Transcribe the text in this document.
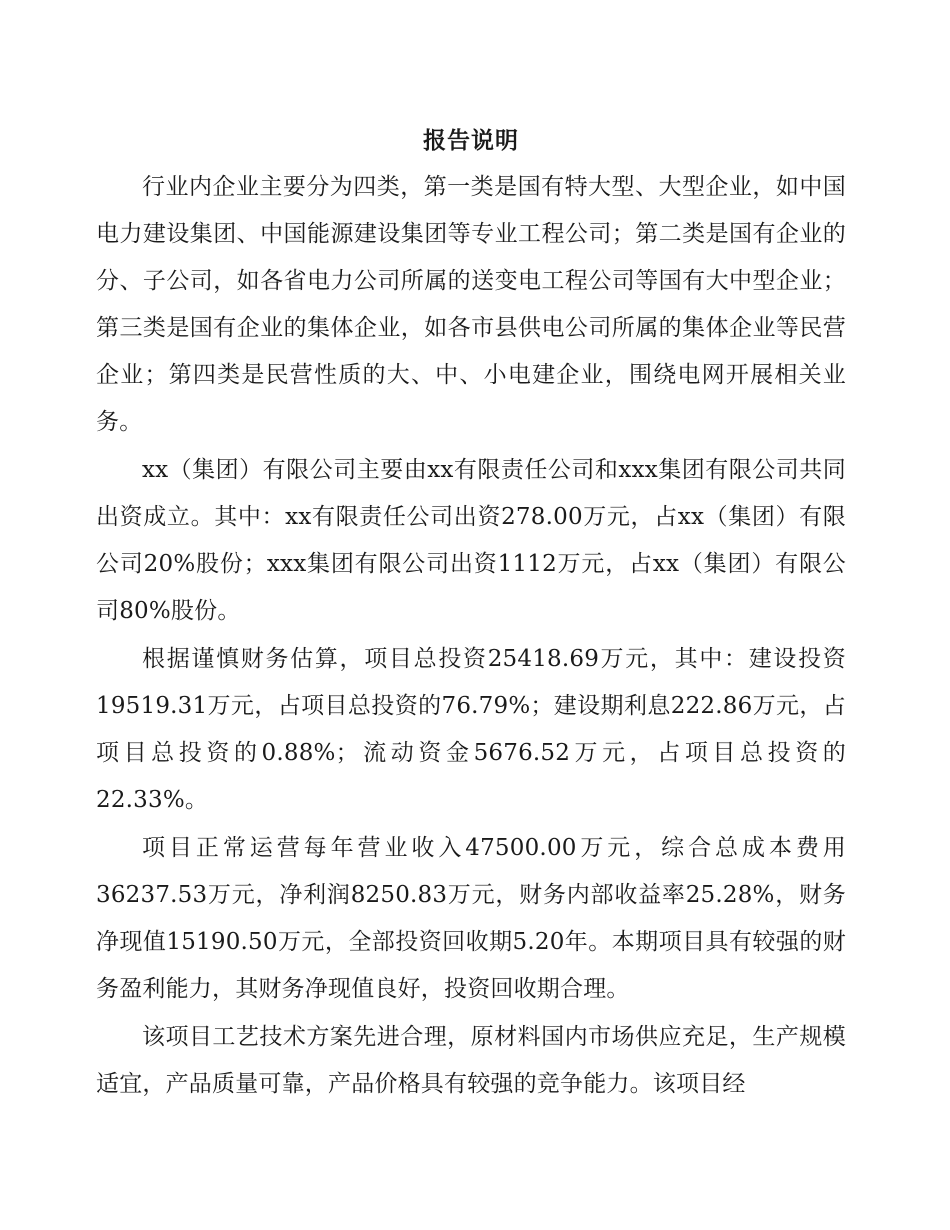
报告说明

行业内企业主要分为四类，第一类是国有特大型、大型企业，如中国电力建设集团、中国能源建设集团等专业工程公司；第二类是国有企业的分、子公司，如各省电力公司所属的送变电工程公司等国有大中型企业；第三类是国有企业的集体企业，如各市县供电公司所属的集体企业等民营企业；第四类是民营性质的大、中、小电建企业，围绕电网开展相关业务。

xx（集团）有限公司主要由xx有限责任公司和xxx集团有限公司共同出资成立。其中：xx有限责任公司出资278.00万元，占xx（集团）有限公司20%股份；xxx集团有限公司出资1112万元，占xx（集团）有限公司80%股份。

根据谨慎财务估算，项目总投资25418.69万元，其中：建设投资19519.31万元，占项目总投资的76.79%；建设期利息222.86万元，占项目总投资的0.88%；流动资金5676.52万元，占项目总投资的22.33%。

项目正常运营每年营业收入47500.00万元，综合总成本费用36237.53万元，净利润8250.83万元，财务内部收益率25.28%，财务净现值15190.50万元，全部投资回收期5.20年。本期项目具有较强的财务盈利能力，其财务净现值良好，投资回收期合理。

该项目工艺技术方案先进合理，原材料国内市场供应充足，生产规模适宜，产品质量可靠，产品价格具有较强的竞争能力。该项目经
